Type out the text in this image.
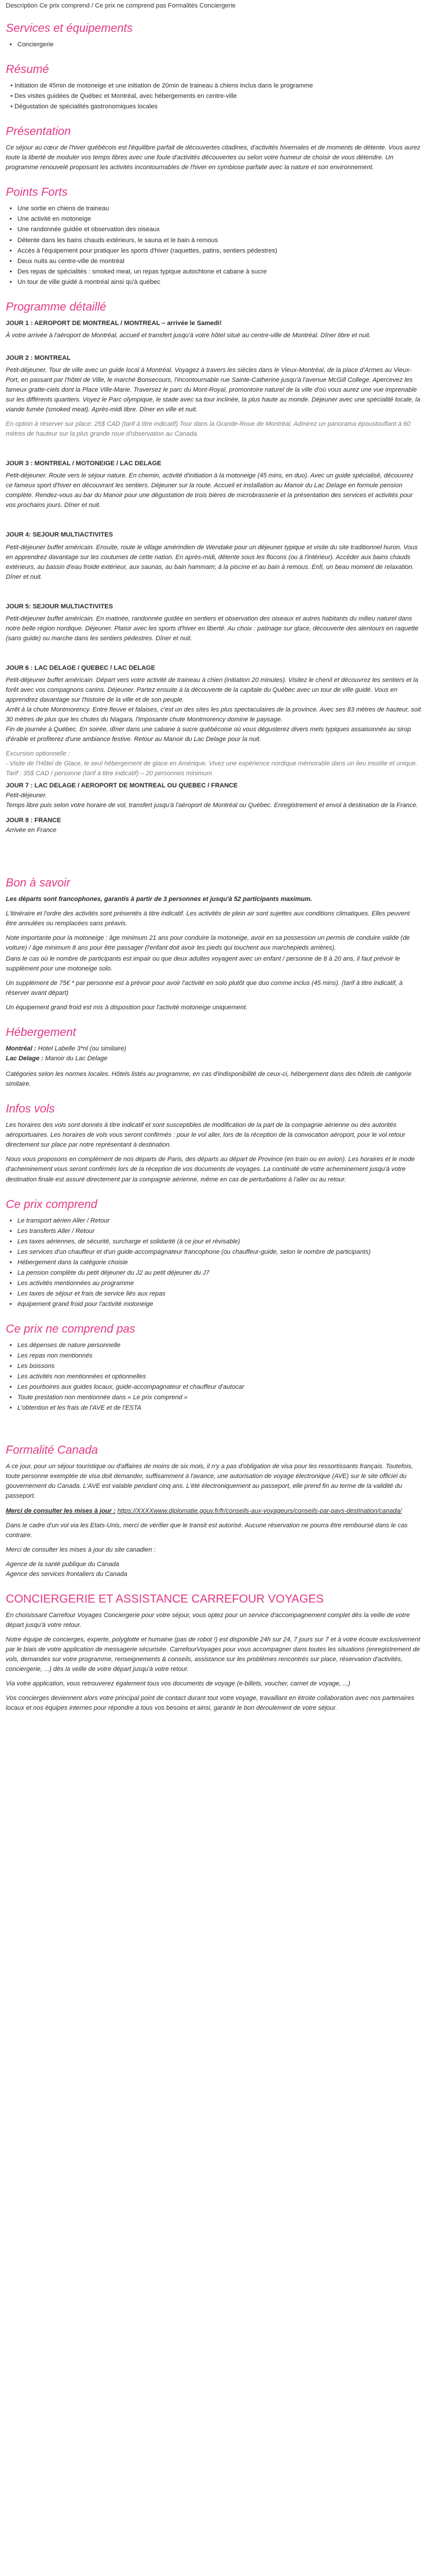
Description Ce prix comprend / Ce prix ne comprend pas Formalités Conciergerie
Services et équipements
• Conciergerie
Résumé
• Initiation de 45min de motoneige et une initiation de 20min de traineau à chiens inclus dans le programme
• Des visites guidées de Québec et Montréal, avec hébergements en centre-ville
• Dégustation de spécialités gastronomiques locales
Présentation

Ce séjour au cœur de l'hiver québécois est l'équilibre parfait de découvertes citadines, d'activités hivernales et de moments de détente. Vous aurez toute la liberté de moduler vos temps libres avec une foule d'activités découvertes ou selon votre humeur de choisir de vous détendre. Un programme renouvelé proposant les activités incontournables de l'hiver en symbiose parfaite avec la nature et son environnement.

Points Forts
• Une sortie en chiens de traineau
• Une activité en motoneige
• Une randonnée guidée et observation des oiseaux
• Détente dans les bains chauds extérieurs, le sauna et le bain à remous
• Accès à l'équipement pour pratiquer les sports d'hiver (raquettes, patins, sentiers pédestres)
• Deux nuits au centre-ville de montréal
• Des repas de spécialités : smoked meat, un repas typique autochtone et cabane à sucre
• Un tour de ville guidé à montréal ainsi qu'à québec
Programme détaillé
JOUR 1 : AEROPORT DE MONTREAL / MONTREAL – arrivée le Samedi!

À votre arrivée à l'aéroport de Montréal, accueil et transfert jusqu'à votre hôtel situé au centre-ville de Montréal. Dîner libre et nuit.

JOUR 2 : MONTREAL

Petit-déjeuner. Tour de ville avec un guide local à Montréal. Voyagez à travers les siècles dans le Vieux-Montréal, de la place d'Armes au Vieux-Port, en passant par l'hôtel de Ville, le marché Bonsecours, l'incontournable rue Sainte-Catherine jusqu'à l'avenue McGill College. Apercevez les fameux gratte-ciels dont la Place Ville-Marie. Traversez le parc du Mont-Royal, promontoire naturel de la ville d'où vous aurez une vue imprenable sur les différents quartiers. Voyez le Parc olympique, le stade avec sa tour inclinée, la plus haute au monde. Déjeuner avec une spécialité locale, la viande fumée (smoked meat). Après-midi libre. Dîner en ville et nuit.

En option à réserver sur place: 25$ CAD (tarif à titre indicatif) Tour dans la Grande-Roue de Montréal. Admirez un panorama époustouflant à 60 mètres de hauteur sur la plus grande roue d'observation au Canada.

JOUR 3 : MONTREAL / MOTONEIGE / LAC DELAGE

Petit-déjeuner. Route vers le séjour nature. En chemin, activité d'initiation à la motoneige (45 mins, en duo). Avec un guide spécialisé, découvrez ce fameux sport d'hiver en découvrant les sentiers. Déjeuner sur la route. Accueil et installation au Manoir du Lac Delage en formule pension complète. Rendez-vous au bar du Manoir pour une dégustation de trois bières de microbrasserie et la présentation des services et activités pour vos prochains jours. Dîner et nuit.

JOUR 4: SEJOUR MULTIACTIVITES

Petit-déjeuner buffet américain. Ensuite, route le village amérindien de Wendake pour un déjeuner typique et visite du site traditionnel huron. Vous en apprendrez davantage sur les coutumes de cette nation. En après-midi, détente sous les flocons (ou à l'intérieur). Accéder aux bains chauds extérieurs, au bassin d'eau froide extérieur, aux saunas, au bain hammam; à la piscine et au bain à remous. Enfi, un beau moment de relaxation. Dîner et nuit.

JOUR 5: SEJOUR MULTIACTIVITES

Petit-déjeuner buffet américain. En matinée, randonnée guidée en sentiers et observation des oiseaux et autres habitants du milieu naturel dans notre belle région nordique. Déjeuner. Plaisir avec les sports d'hiver en liberté. Au choix : patinage sur glace, découverte des alentours en raquette (sans guide) ou marche dans les sentiers pédestres. Dîner et nuit.

JOUR 6 : LAC DELAGE / QUEBEC / LAC DELAGE

Petit-déjeuner buffet américain. Départ vers votre activité de traineau à chien (initiation 20 minutes). Visitez le chenil et découvrez les sentiers et la forêt avec vos compagnons canins. Déjeuner. Partez ensuite à la découverte de la capitale du Québec avec un tour de ville guidé. Vous en apprendrez davantage sur l'histoire de la ville et de son peuple.

Arrêt à la chute Montmorency. Entre fleuve et falaises, c'est un des sites les plus spectaculaires de la province. Avec ses 83 mètres de hauteur, soit 30 mètres de plus que les chutes du Niagara, l'imposante chute Montmorency domine le paysage.

Fin de journée à Québec. En soirée, dîner dans une cabane à sucre québécoise où vous dégusterez divers mets typiques assaisonnés au sirop d'érable et profiterez d'une ambiance festive. Retour au Manoir du Lac Delage pour la nuit.

Excursion optionnelle :
- Visite de l'Hôtel de Glace, le seul hébergement de glace en Amérique. Vivez une expérience nordique mémorable dans un lieu insolite et unique.
Tarif : 35$ CAD / personne (tarif à titre indicatif) – 20 personnes minimum
JOUR 7 : LAC DELAGE / AEROPORT DE MONTREAL OU QUEBEC / FRANCE
Petit-déjeuner.

Temps libre puis selon votre horaire de vol, transfert jusqu'à l'aéroport de Montréal ou Québec. Enregistrement et envol à destination de la France.

JOUR 8 : FRANCE

Arrivée en France

Bon à savoir

Les départs sont francophones, garantis à partir de 3 personnes et jusqu'à 52 participants maximum.

L'itinéraire et l'ordre des activités sont présentés à titre indicatif. Les activités de plein air sont sujettes aux conditions climatiques. Elles peuvent être annulées ou remplacées sans préavis.

Note importante pour la motoneige : âge minimum 21 ans pour conduire la motoneige, avoir en sa possession un permis de conduire valide (de voiture) / âge minimum 8 ans pour être passager (l'enfant doit avoir les pieds qui touchent aux marchepieds arrières).

Dans le cas où le nombre de participants est impair ou que deux adultes voyagent avec un enfant / personne de 8 à 20 ans, il faut prévoir le supplément pour une motoneige solo.

Un supplément de 75€ * par personne est à prévoir pour avoir l'activité en solo plutôt que duo comme inclus (45 mins). (tarif à titre indicatif, à réserver avant départ)

Un équipement grand froid est mis à disposition pour l'activité motoneige uniquement.

Hébergement
Montréal : Hotel Labelle 3*nl (ou similaire)
Lac Delage : Manoir du Lac Delage

Catégories selon les normes locales. Hôtels listés au programme, en cas d'indisponibilité de ceux-ci, hébergement dans des hôtels de catégorie similaire.

Infos vols

Les horaires des vols sont donnés à titre indicatif et sont susceptibles de modification de la part de la compagnie aérienne ou des autorités aéroportuaires. Les horaires de vols vous seront confirmés : pour le vol aller, lors de la réception de la convocation aéroport, pour le vol retour directement sur place par notre représentant à destination.

Nous vous proposons en complément de nos départs de Paris, des départs au départ de Province (en train ou en avion). Les horaires et le mode d'acheminement vous seront confirmés lors de la réception de vos documents de voyages. La continuité de votre acheminement jusqu'à votre destination finale est assuré directement par la compagnie aérienne, même en cas de perturbations à l'aller ou au retour.

Ce prix comprend
• Le transport aérien Aller / Retour
• Les transferts Aller / Retour
• Les taxes aériennes, de sécurité, surcharge et solidarité (à ce jour et révisable)
• Les services d'un chauffeur et d'un guide-accompagnateur francophone (ou chauffeur-guide, selon le nombre de participants)
• Hébergement dans la catégorie choisie
• La pension complète du petit déjeuner du J2 au petit déjeuner du J7
• Les activités mentionnées au programme
• Les taxes de séjour et frais de service liés aux repas
• équipement grand froid pour l'activité motoneige
Ce prix ne comprend pas
• Les dépenses de nature personnelle
• Les repas non mentionnés
• Les boissons
• Les activités non mentionnées et optionnelles
• Les pourboires aux guides locaux, guide-accompagnateur et chauffeur d'autocar
• Toute prestation non mentionnée dans « Le prix comprend »
• L'obtention et les frais de l'AVE et de l'ESTA
Formalité Canada

A ce jour, pour un séjour touristique ou d'affaires de moins de six mois, il n'y a pas d'obligation de visa pour les ressortissants français. Toutefois, toute personne exemptée de visa doit demander, suffisamment à l'avance, une autorisation de voyage électronique (AVE) sur le site officiel du gouvernement du Canada. L'AVE est valable pendant cinq ans. L'été électroniquement au passeport, elle prend fin au terme de la validité du passeport.

Merci de consulter les mises à jour : https://XXXXwww.diplomatie.gouv.fr/fr/conseils-aux-voyageurs/conseils-par-pays-destination/canada/

Dans le cadre d'un vol via les Etats-Unis, merci de vérifier que le transit est autorisé. Aucune réservation ne pourra être remboursé dans le cas contraire.

Merci de consulter les mises à jour du site canadien :

Agence de la santé publique du Canada
Agence des services frontaliers du Canada
CONCIERGERIE ET ASSISTANCE CARREFOUR VOYAGES

En choisissant Carrefour Voyages Conciergerie pour votre séjour, vous optez pour un service d'accompagnement complet dès la veille de votre départ jusqu'à votre retour.

Notre équipe de concierges, experte, polyglotte et humaine (pas de robot !) est disponible 24h sur 24, 7 jours sur 7 et à votre écoute exclusivement par le biais de votre application de messagerie sécurisée. CarrefourVoyages pour vous accompagner dans toutes les situations (enregistrement de vols, demandes sur votre programme, renseignements & conseils, assistance sur les problèmes rencontrés sur place, réservation d'activités, conciergerie, ...) dès la veille de votre départ jusqu'à votre retour.

Via votre application, vous retrouverez également tous vos documents de voyage (e-billets, voucher, carnet de voyage, ...)

Vos concierges deviennent alors votre principal point de contact durant tout votre voyage, travaillant en étroite collaboration avec nos partenaires locaux et nos équipes internes pour répondre à tous vos besoins et ainsi, garantir le bon déroulement de votre séjour.
